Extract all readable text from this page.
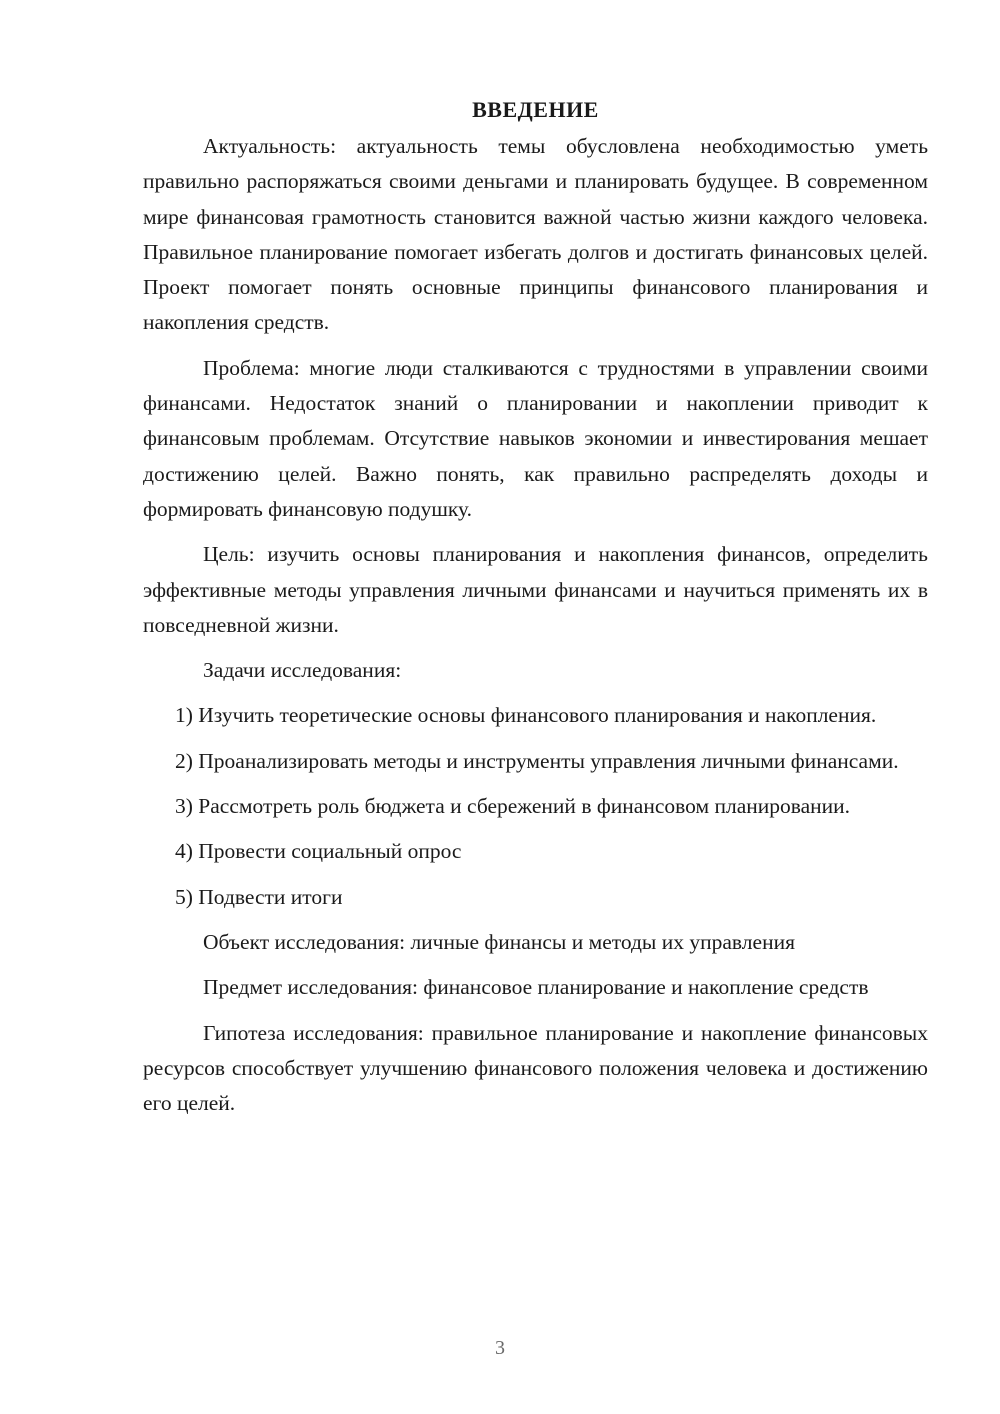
ВВЕДЕНИЕ

Актуальность: актуальность темы обусловлена необходимостью уметь правильно распоряжаться своими деньгами и планировать будущее. В современном мире финансовая грамотность становится важной частью жизни каждого человека. Правильное планирование помогает избегать долгов и достигать финансовых целей. Проект помогает понять основные принципы финансового планирования и накопления средств.

Проблема: многие люди сталкиваются с трудностями в управлении своими финансами. Недостаток знаний о планировании и накоплении приводит к финансовым проблемам. Отсутствие навыков экономии и инвестирования мешает достижению целей. Важно понять, как правильно распределять доходы и формировать финансовую подушку.

Цель: изучить основы планирования и накопления финансов, определить эффективные методы управления личными финансами и научиться применять их в повседневной жизни.

Задачи исследования:

1) Изучить теоретические основы финансового планирования и накопления.

2) Проанализировать методы и инструменты управления личными финансами.

3) Рассмотреть роль бюджета и сбережений в финансовом планировании.

4) Провести социальный опрос

5) Подвести итоги

Объект исследования: личные финансы и методы их управления

Предмет исследования: финансовое планирование и накопление средств

Гипотеза исследования: правильное планирование и накопление финансовых ресурсов способствует улучшению финансового положения человека и достижению его целей.

3
